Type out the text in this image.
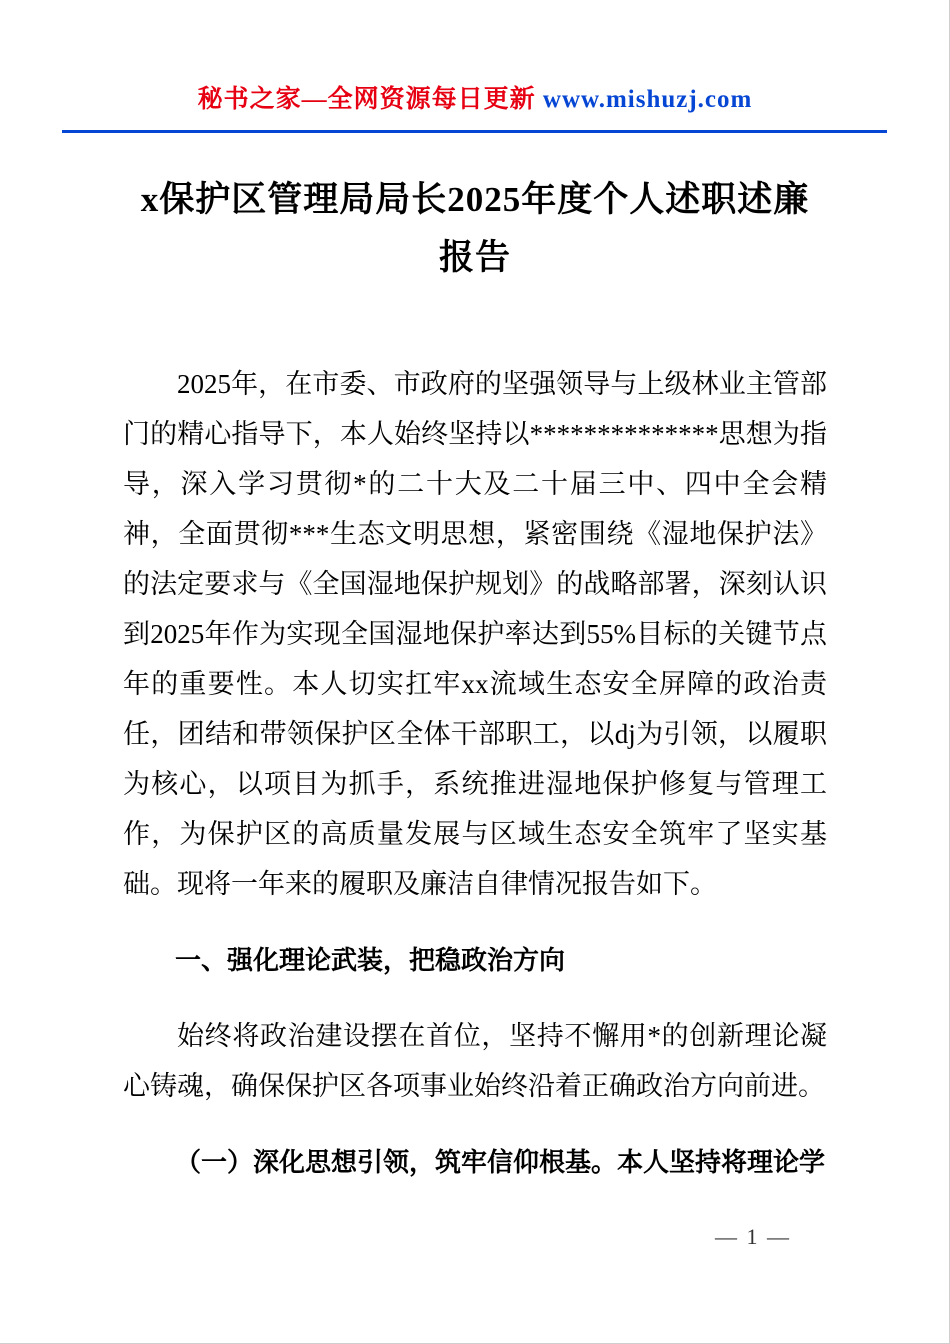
秘书之家—全网资源每日更新 www.mishuzj.com
x保护区管理局局长2025年度个人述职述廉
报告

2025年，在市委、市政府的坚强领导与上级林业主管部门的精心指导下，本人始终坚持以**************思想为指导，深入学习贯彻*的二十大及二十届三中、四中全会精神，全面贯彻***生态文明思想，紧密围绕《湿地保护法》的法定要求与《全国湿地保护规划》的战略部署，深刻认识到2025年作为实现全国湿地保护率达到55%目标的关键节点年的重要性。本人切实扛牢xx流域生态安全屏障的政治责任，团结和带领保护区全体干部职工，以dj为引领，以履职为核心，以项目为抓手，系统推进湿地保护修复与管理工作，为保护区的高质量发展与区域生态安全筑牢了坚实基础。现将一年来的履职及廉洁自律情况报告如下。

一、强化理论武装，把稳政治方向

始终将政治建设摆在首位，坚持不懈用*的创新理论凝心铸魂，确保保护区各项事业始终沿着正确政治方向前进。

（一）深化思想引领，筑牢信仰根基。本人坚持将理论学

— 1 —
